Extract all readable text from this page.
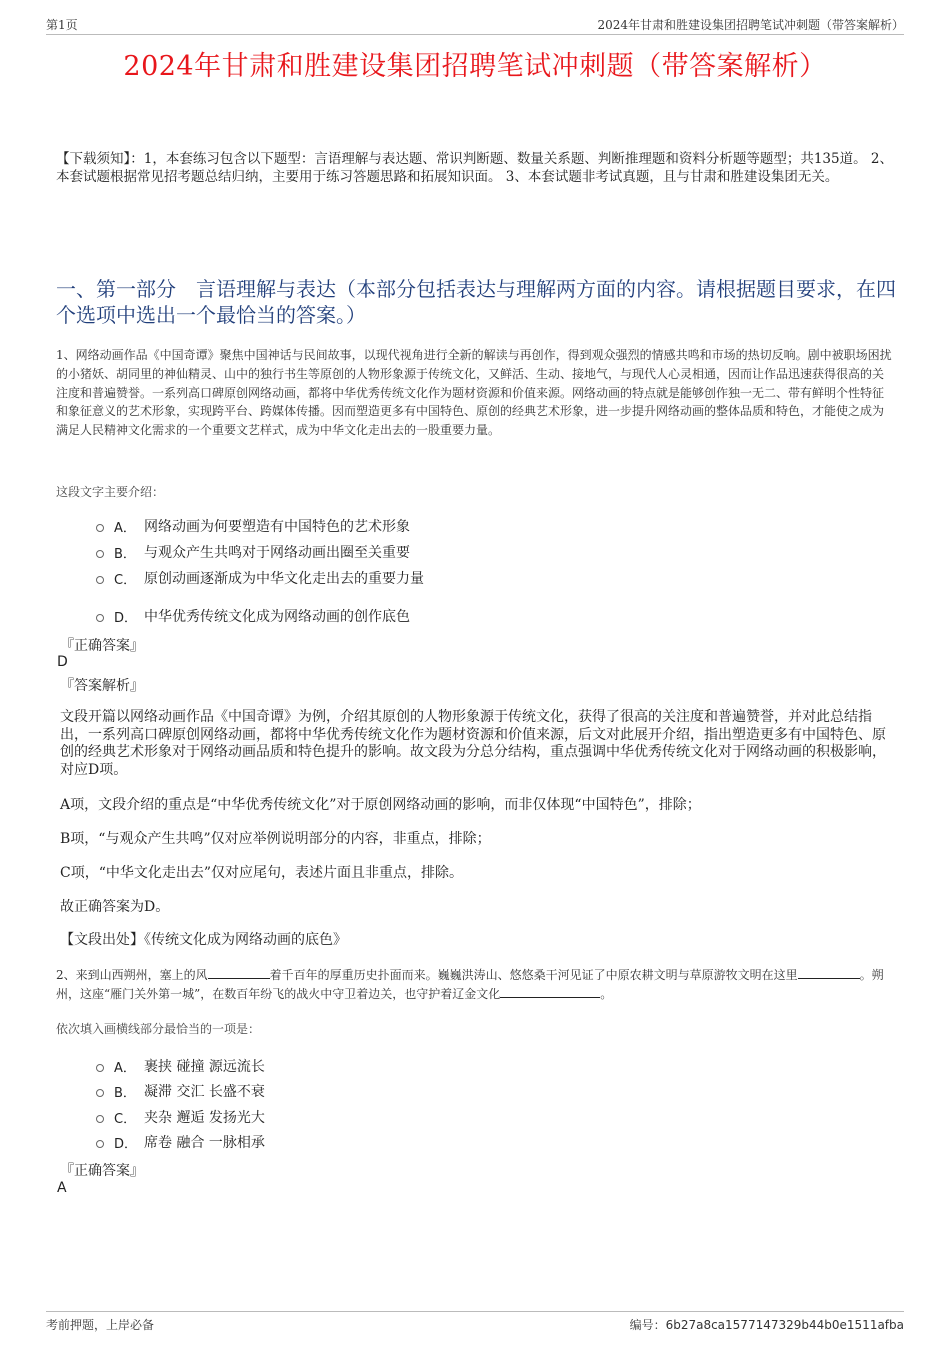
第1页	2024年甘肃和胜建设集团招聘笔试冲刺题（带答案解析）
2024年甘肃和胜建设集团招聘笔试冲刺题（带答案解析）
【下载须知】：1，本套练习包含以下题型：言语理解与表达题、常识判断题、数量关系题、判断推理题和资料分析题等题型；共135道。 2、本套试题根据常见招考题总结归纳，主要用于练习答题思路和拓展知识面。 3、本套试题非考试真题，且与甘肃和胜建设集团无关。
一、第一部分　言语理解与表达（本部分包括表达与理解两方面的内容。请根据题目要求，在四个选项中选出一个最恰当的答案。）
1、网络动画作品《中国奇谭》聚焦中国神话与民间故事，以现代视角进行全新的解读与再创作，得到观众强烈的情感共鸣和市场的热切反响。剧中被职场困扰的小猪妖、胡同里的神仙精灵、山中的独行书生等原创的人物形象源于传统文化，又鲜活、生动、接地气，与现代人心灵相通，因而让作品迅速获得很高的关注度和普遍赞誉。一系列高口碑原创网络动画，都将中华优秀传统文化作为题材资源和价值来源。网络动画的特点就是能够创作独一无二、带有鲜明个性特征和象征意义的艺术形象，实现跨平台、跨媒体传播。因而塑造更多有中国特色、原创的经典艺术形象，进一步提升网络动画的整体品质和特色，才能使之成为满足人民精神文化需求的一个重要文艺样式，成为中华文化走出去的一股重要力量。
这段文字主要介绍：
A． 网络动画为何要塑造有中国特色的艺术形象
B． 与观众产生共鸣对于网络动画出圈至关重要
C． 原创动画逐渐成为中华文化走出去的重要力量
D． 中华优秀传统文化成为网络动画的创作底色
『正确答案』
D
『答案解析』
文段开篇以网络动画作品《中国奇谭》为例，介绍其原创的人物形象源于传统文化，获得了很高的关注度和普遍赞誉，并对此总结指出，一系列高口碑原创网络动画，都将中华优秀传统文化作为题材资源和价值来源，后文对此展开介绍，指出塑造更多有中国特色、原创的经典艺术形象对于网络动画品质和特色提升的影响。故文段为分总分结构，重点强调中华优秀传统文化对于网络动画的积极影响，对应D项。
A项，文段介绍的重点是“中华优秀传统文化”对于原创网络动画的影响，而非仅体现“中国特色”，排除；
B项，“与观众产生共鸣”仅对应举例说明部分的内容，非重点，排除；
C项，“中华文化走出去”仅对应尾句，表述片面且非重点，排除。
故正确答案为D。
【文段出处】《传统文化成为网络动画的底色》
2、来到山西朔州，塞上的风	着千百年的厚重历史扑面而来。巍巍洪涛山、悠悠桑干河见证了中原农耕文明与草原游牧文明在这里	。朔州，这座“雁门关外第一城”，在数百年纷飞的战火中守卫着边关，也守护着辽金文化	。
依次填入画横线部分最恰当的一项是：
A． 裹挟 碰撞 源远流长
B． 凝滞 交汇 长盛不衰
C． 夹杂 邂逅 发扬光大
D． 席卷 融合 一脉相承
『正确答案』
A
考前押题，上岸必备	编号：6b27a8ca1577147329b44b0e1511afba
